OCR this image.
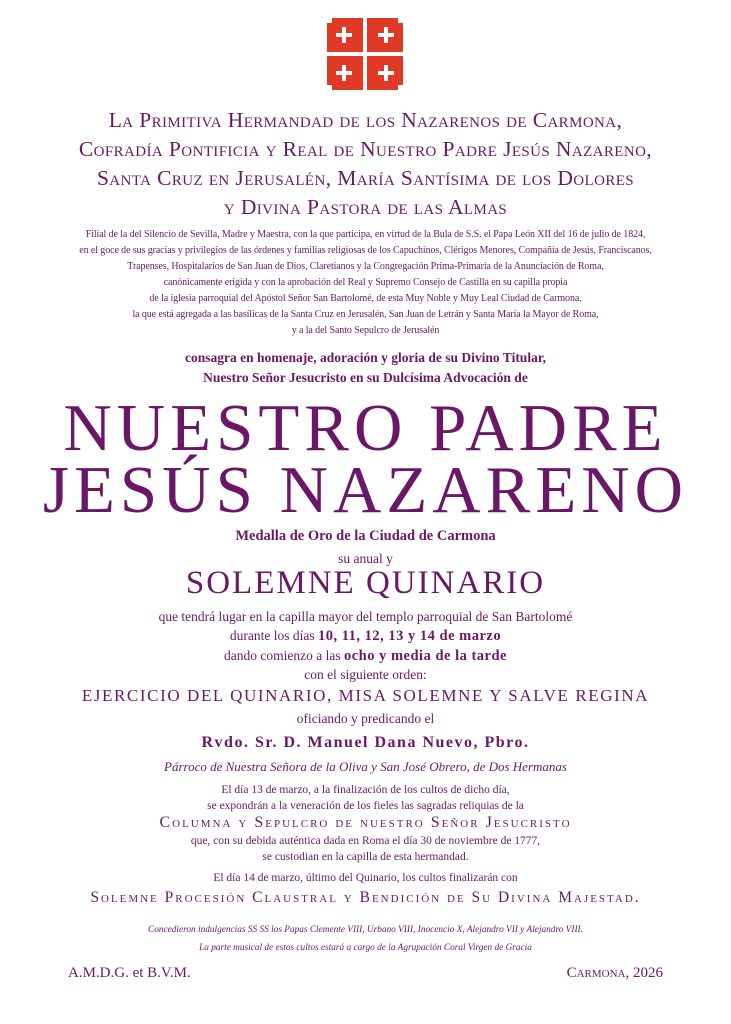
La Primitiva Hermandad de los Nazarenos de Carmona,
Cofradía Pontificia y Real de Nuestro Padre Jesús Nazareno,
Santa Cruz en Jerusalén, María Santísima de los Dolores
y Divina Pastora de las Almas
Filial de la del Silencio de Sevilla, Madre y Maestra, con la que participa, en virtud de la Bula de S.S. el Papa León XII del 16 de julio de 1824,
en el goce de sus gracias y privilegios de las órdenes y familias religiosas de los Capuchinos, Clérigos Menores, Compañía de Jesús, Franciscanos,
Trapenses, Hospitalarios de San Juan de Dios, Claretianos y la Congregación Prima-Primaria de la Anunciación de Roma,
canónicamente erigida y con la aprobación del Real y Supremo Consejo de Castilla en su capilla propia
de la iglesia parroquial del Apóstol Señor San Bartolomé, de esta Muy Noble y Muy Leal Ciudad de Carmona,
la que está agregada a las basílicas de la Santa Cruz en Jerusalén, San Juan de Letrán y Santa María la Mayor de Roma,
y a la del Santo Sepulcro de Jerusalén
consagra en homenaje, adoración y gloria de su Divino Titular,
Nuestro Señor Jesucristo en su Dulcísima Advocación de
NUESTRO PADRE
JESÚS NAZARENO
Medalla de Oro de la Ciudad de Carmona
su anual y
SOLEMNE QUINARIO
que tendrá lugar en la capilla mayor del templo parroquial de San Bartolomé
durante los días 10, 11, 12, 13 y 14 de marzo
dando comienzo a las ocho y media de la tarde
con el siguiente orden:
EJERCICIO DEL QUINARIO, MISA SOLEMNE Y SALVE REGINA
oficiando y predicando el
Rvdo. Sr. D. Manuel Dana Nuevo, Pbro.
Párroco de Nuestra Señora de la Oliva y San José Obrero, de Dos Hermanas
El día 13 de marzo, a la finalización de los cultos de dicho día,
se expondrán a la veneración de los fieles las sagradas reliquias de la
Columna y Sepulcro de nuestro Señor Jesucristo
que, con su debida auténtica dada en Roma el día 30 de noviembre de 1777,
se custodian en la capilla de esta hermandad.
El día 14 de marzo, último del Quinario, los cultos finalizarán con
Solemne Procesión Claustral y Bendición de Su Divina Majestad.
Concedieron indulgencias SS SS los Papas Clemente VIII, Urbano VIII, Inocencio X, Alejandro VII y Alejandro VIII.
La parte musical de estos cultos estará a cargo de la Agrupación Coral Virgen de Gracia
A.M.D.G. et B.V.M.	Carmona, 2026
